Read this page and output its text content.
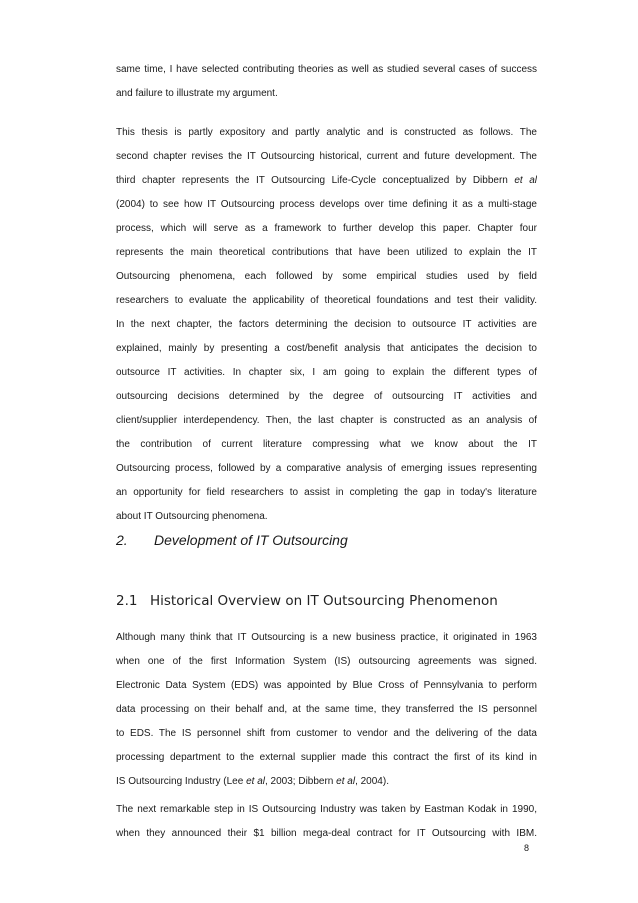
same time, I have selected contributing theories as well as studied several cases of success
and failure to illustrate my argument.
This thesis is partly expository and partly analytic and is constructed as follows. The
second chapter revises the IT Outsourcing historical, current and future development. The
third chapter represents the IT Outsourcing Life-Cycle conceptualized by Dibbern et al
(2004) to see how IT Outsourcing process develops over time defining it as a multi-stage
process, which will serve as a framework to further develop this paper. Chapter four
represents the main theoretical contributions that have been utilized to explain the IT
Outsourcing phenomena, each followed by some empirical studies used by field
researchers to evaluate the applicability of theoretical foundations and test their validity.
In the next chapter, the factors determining the decision to outsource IT activities are
explained, mainly by presenting a cost/benefit analysis that anticipates the decision to
outsource IT activities. In chapter six, I am going to explain the different types of
outsourcing decisions determined by the degree of outsourcing IT activities and
client/supplier interdependency. Then, the last chapter is constructed as an analysis of
the contribution of current literature compressing what we know about the IT
Outsourcing process, followed by a comparative analysis of emerging issues representing
an opportunity for field researchers to assist in completing the gap in today's literature
about IT Outsourcing phenomena.
2. Development of IT Outsourcing
2.1 Historical Overview on IT Outsourcing Phenomenon
Although many think that IT Outsourcing is a new business practice, it originated in 1963
when one of the first Information System (IS) outsourcing agreements was signed.
Electronic Data System (EDS) was appointed by Blue Cross of Pennsylvania to perform
data processing on their behalf and, at the same time, they transferred the IS personnel
to EDS. The IS personnel shift from customer to vendor and the delivering of the data
processing department to the external supplier made this contract the first of its kind in
IS Outsourcing Industry (Lee et al, 2003; Dibbern et al, 2004).
The next remarkable step in IS Outsourcing Industry was taken by Eastman Kodak in 1990,
when they announced their $1 billion mega-deal contract for IT Outsourcing with IBM.
8
